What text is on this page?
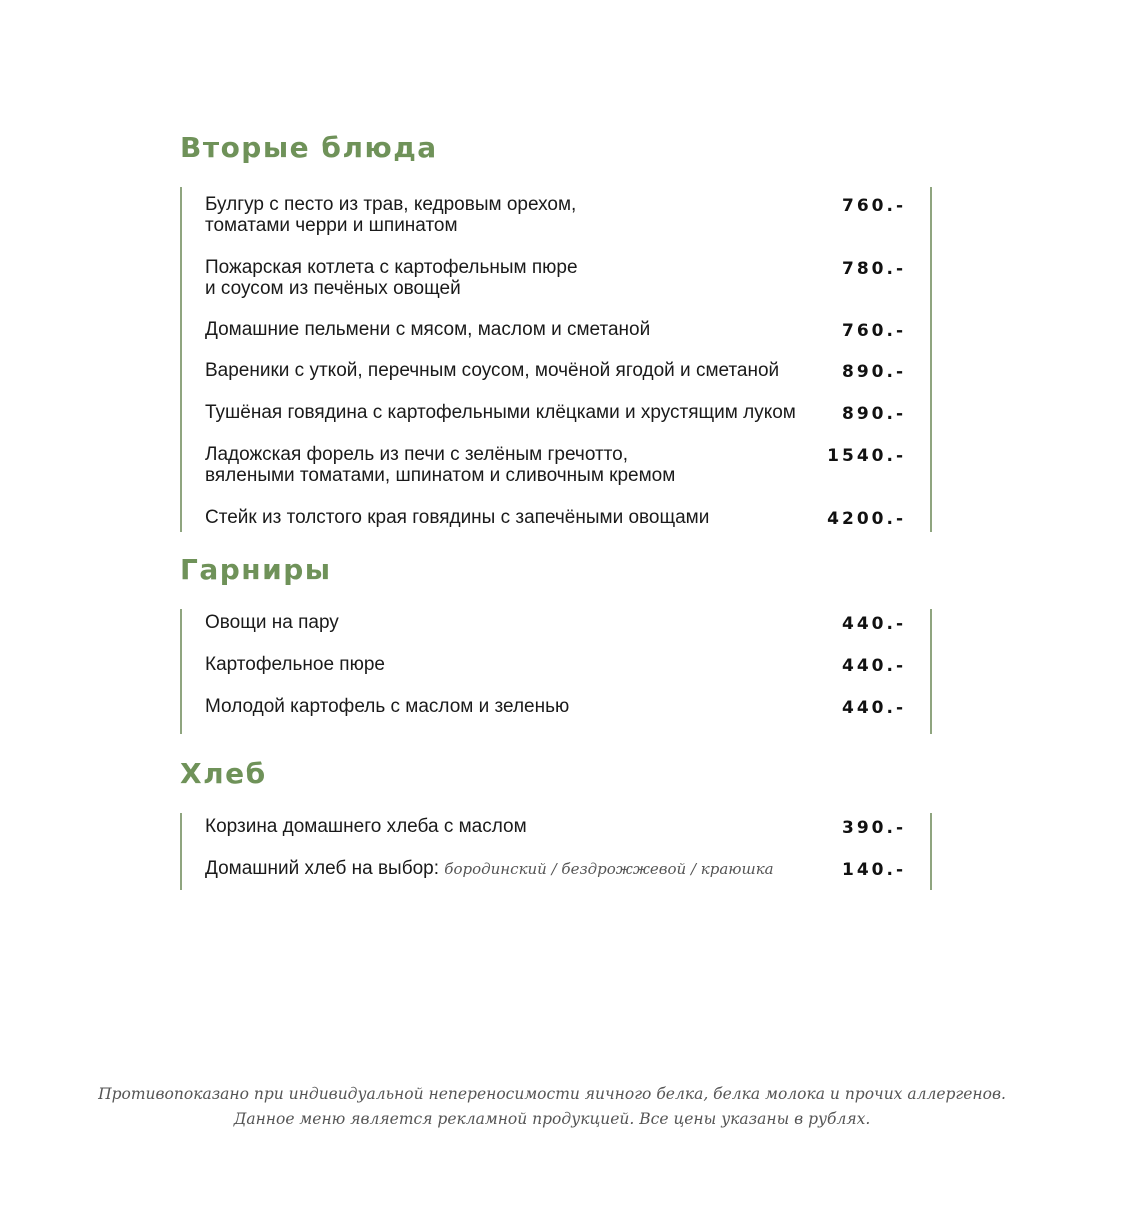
Вторые блюда
Булгур с песто из трав, кедровым орехом,
томатами черри и шпинатом
760.-
Пожарская котлета с картофельным пюре
и соусом из печёных овощей
780.-
Домашние пельмени с мясом, маслом и сметаной	760.-
Вареники с уткой, перечным соусом, мочёной ягодой и сметаной	890.-
Тушёная говядина с картофельными клёцками и хрустящим луком	890.-
Ладожская форель из печи с зелёным гречотто,
вялеными томатами, шпинатом и сливочным кремом
1540.-
Стейк из толстого края говядины с запечёными овощами	4200.-
Гарниры
Овощи на пару	440.-
Картофельное пюре	440.-
Молодой картофель с маслом и зеленью	440.-
Хлеб
Корзина домашнего хлеба с маслом	390.-
Домашний хлеб на выбор: бородинский / бездрожжевой / краюшка	140.-
Противопоказано при индивидуальной непереносимости яичного белка, белка молока и прочих аллергенов.
Данное меню является рекламной продукцией. Все цены указаны в рублях.
